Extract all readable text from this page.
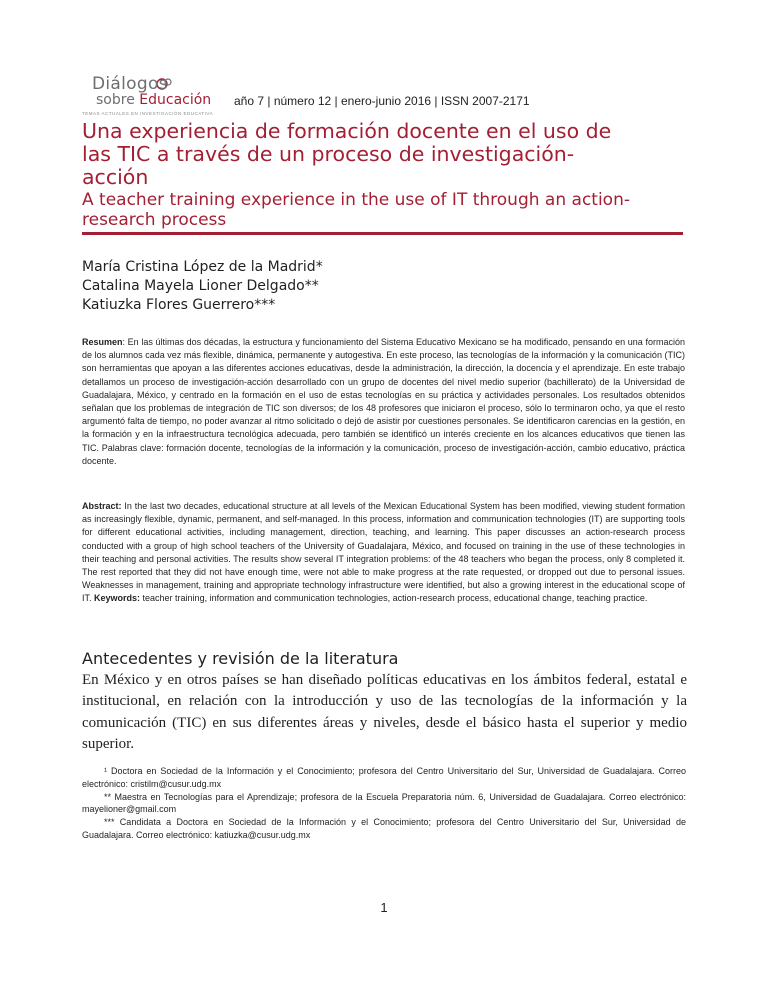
Diálogos
sobre Educación
TEMAS ACTUALES EN INVESTIGACIÓN EDUCATIVA
año 7 | número 12 | enero-junio 2016 | ISSN 2007-2171
Una experiencia de formación docente en el uso de las TIC a través de un proceso de investigación-acción
A teacher training experience in the use of IT through an action-research process
María Cristina López de la Madrid*
Catalina Mayela Lioner Delgado**
Katiuzka Flores Guerrero***

Resumen: En las últimas dos décadas, la estructura y funcionamiento del Sistema Educativo Mexicano se ha modificado, pensando en una formación de los alumnos cada vez más flexible, dinámica, permanente y autogestiva. En este proceso, las tecnologías de la información y la comunicación (TIC) son herramientas que apoyan a las diferentes acciones educativas, desde la administración, la dirección, la docencia y el aprendizaje. En este trabajo detallamos un proceso de investigación-acción desarrollado con un grupo de docentes del nivel medio superior (bachillerato) de la Universidad de Guadalajara, México, y centrado en la formación en el uso de estas tecnologías en su práctica y actividades personales. Los resultados obtenidos señalan que los problemas de integración de TIC son diversos; de los 48 profesores que iniciaron el proceso, sólo lo terminaron ocho, ya que el resto argumentó falta de tiempo, no poder avanzar al ritmo solicitado o dejó de asistir por cuestiones personales. Se identificaron carencias en la gestión, en la formación y en la infraestructura tecnológica adecuada, pero también se identificó un interés creciente en los alcances educativos que tienen las TIC. Palabras clave: formación docente, tecnologías de la información y la comunicación, proceso de investigación-acción, cambio educativo, práctica docente.

Abstract: In the last two decades, educational structure at all levels of the Mexican Educational System has been modified, viewing student formation as increasingly flexible, dynamic, permanent, and self-managed. In this process, information and communication technologies (IT) are supporting tools for different educational activities, including management, direction, teaching, and learning. This paper discusses an action-research process conducted with a group of high school teachers of the University of Guadalajara, México, and focused on training in the use of these technologies in their teaching and personal activities. The results show several IT integration problems: of the 48 teachers who began the process, only 8 completed it. The rest reported that they did not have enough time, were not able to make progress at the rate requested, or dropped out due to personal issues. Weaknesses in management, training and appropriate technology infrastructure were identified, but also a growing interest in the educational scope of IT. Keywords: teacher training, information and communication technologies, action-research process, educational change, teaching practice.

Antecedentes y revisión de la literatura

En México y en otros países se han diseñado políticas educativas en los ámbitos federal, estatal e institucional, en relación con la introducción y uso de las tecnologías de la información y la comunicación (TIC) en sus diferentes áreas y niveles, desde el básico hasta el superior y medio superior.

¹ Doctora en Sociedad de la Información y el Conocimiento; profesora del Centro Universitario del Sur, Universidad de Guadalajara. Correo electrónico: cristilm@cusur.udg.mx

** Maestra en Tecnologías para el Aprendizaje; profesora de la Escuela Preparatoria núm. 6, Universidad de Guadalajara. Correo electrónico: mayelioner@gmail.com

*** Candidata a Doctora en Sociedad de la Información y el Conocimiento; profesora del Centro Universitario del Sur, Universidad de Guadalajara. Correo electrónico: katiuzka@cusur.udg.mx

1
